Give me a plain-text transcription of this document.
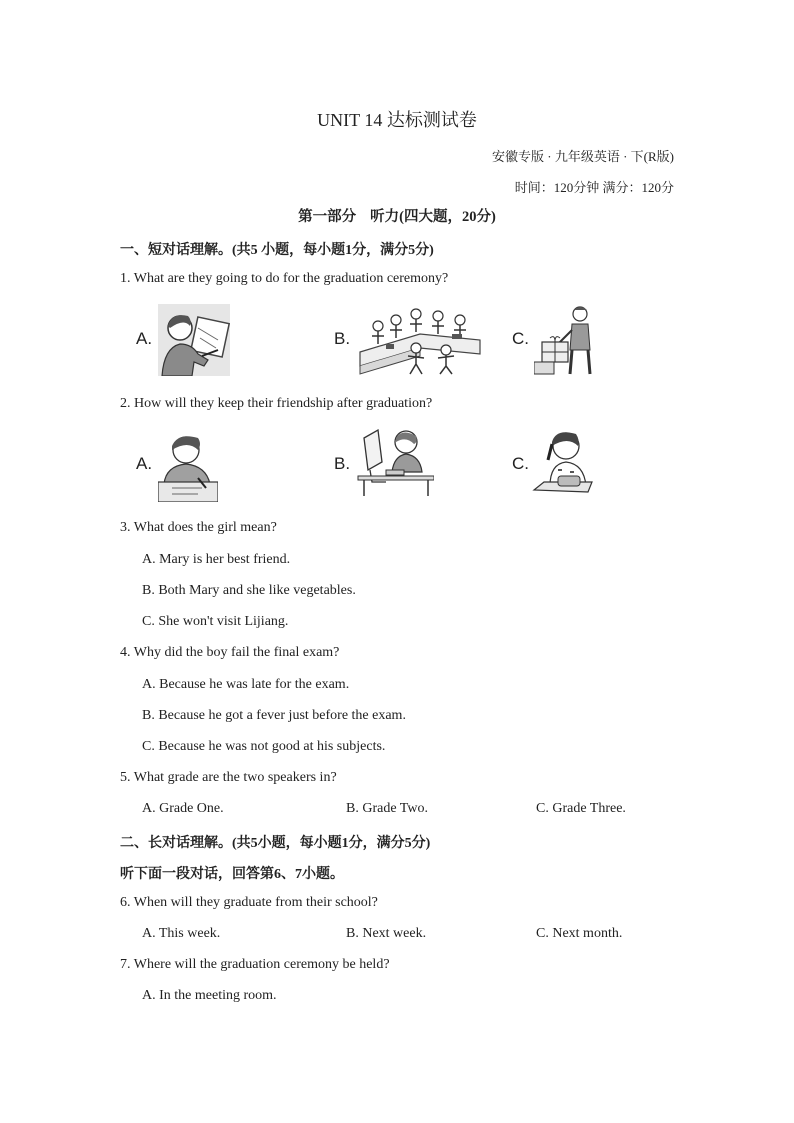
UNIT 14 达标测试卷
安徽专版 · 九年级英语 · 下(R版)
时间：120分钟 满分：120分
第一部分 听力(四大题，20分)
一、短对话理解。(共5 小题，每小题1分，满分5分)
1. What are they going to do for the graduation ceremony?
A.	B.	C.
2. How will they keep their friendship after graduation?
A.	B.	C.
3. What does the girl mean?
A. Mary is her best friend.
B. Both Mary and she like vegetables.
C. She won't visit Lijiang.
4. Why did the boy fail the final exam?
A. Because he was late for the exam.
B. Because he got a fever just before the exam.
C. Because he was not good at his subjects.
5. What grade are the two speakers in?
A. Grade One.	B. Grade Two.	C. Grade Three.
二、长对话理解。(共5小题，每小题1分，满分5分)
听下面一段对话，回答第6、7小题。
6. When will they graduate from their school?
A. This week.	B. Next week.	C. Next month.
7. Where will the graduation ceremony be held?
A. In the meeting room.
